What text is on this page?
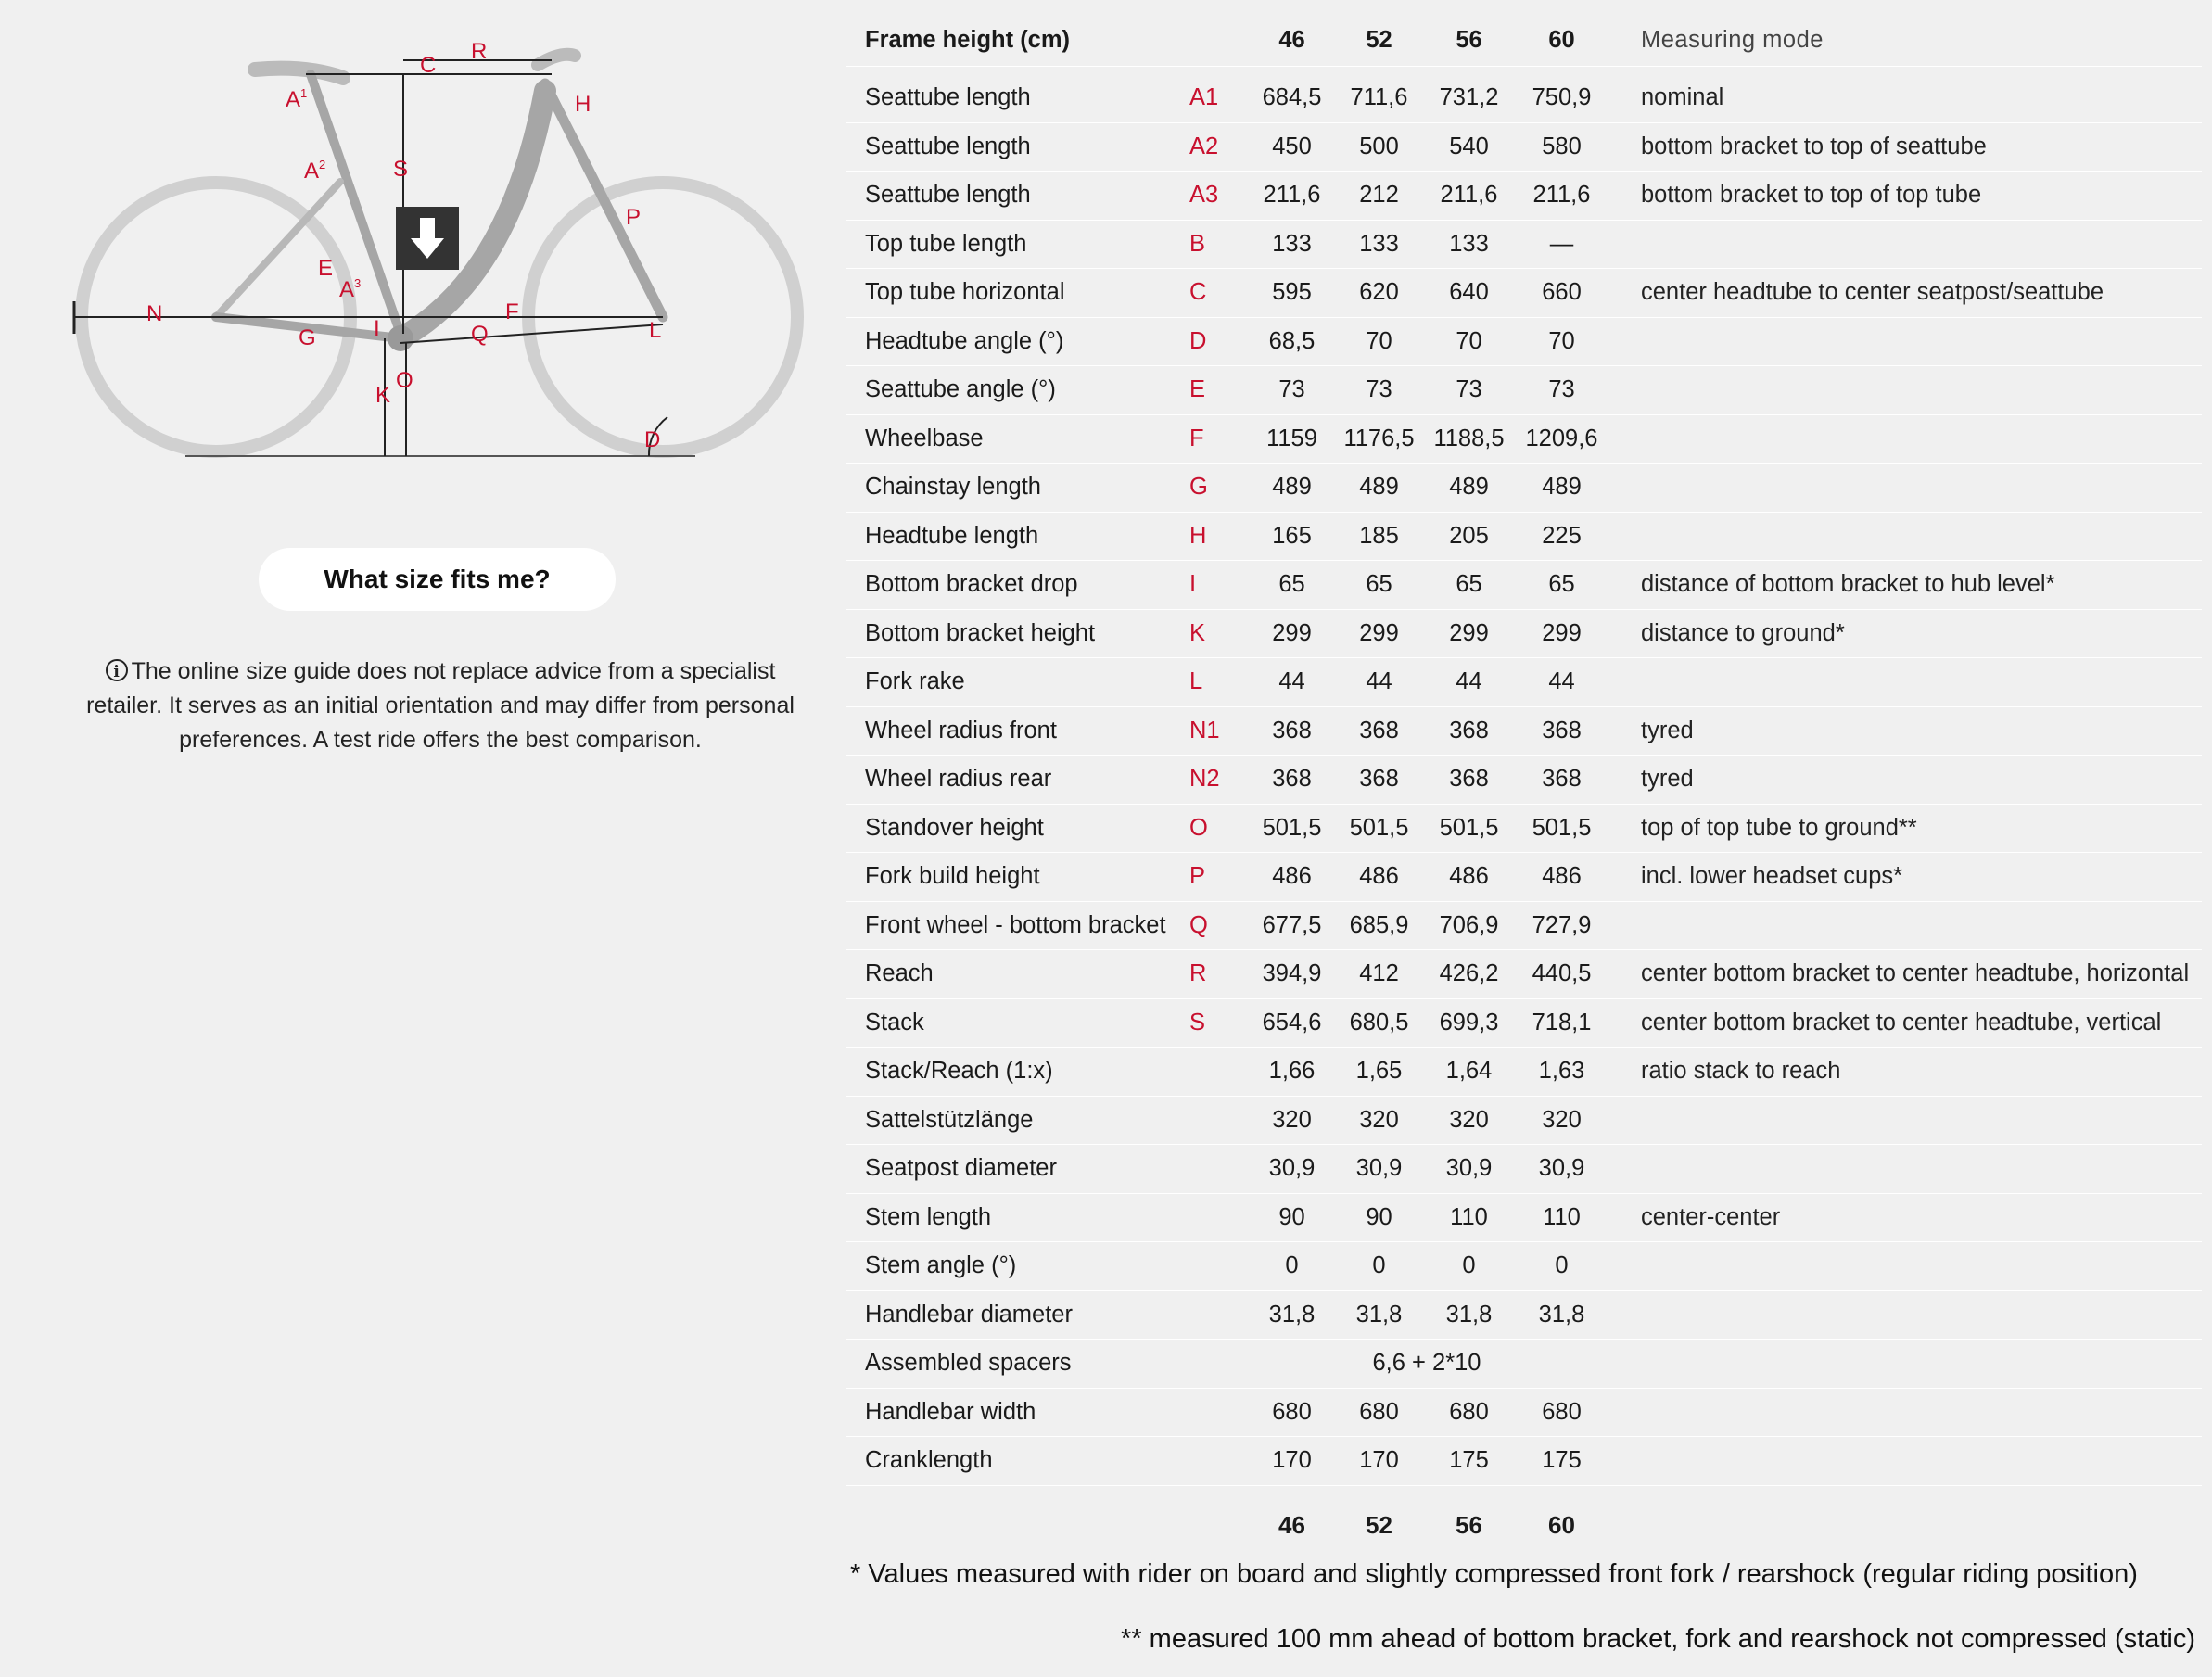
$A^1$
$A^2$
$A^3$
C
R
S
H
P
E
N
G	I
F
Q	L
K
O
D
What size fits me?
i The online size guide does not replace advice from a specialist retailer. It serves as an initial orientation and may differ from personal preferences. A test ride offers the best comparison.
Frame height (cm)	46	52	56	60	Measuring mode
Seattube length	A1	684,5	711,6	731,2	750,9	nominal
Seattube length	A2	450	500	540	580	bottom bracket to top of seattube
Seattube length	A3	211,6	212	211,6	211,6	bottom bracket to top of top tube
Top tube length	B	133	133	133	—
Top tube horizontal	C	595	620	640	660	center headtube to center seatpost/seattube
Headtube angle (°)	D	68,5	70	70	70
Seattube angle (°)	E	73	73	73	73
Wheelbase	F	1159	1176,5 1188,5 1209,6
Chainstay length	G	489	489	489	489
Headtube length	H	165	185	205	225
Bottom bracket drop	I	65	65	65	65	distance of bottom bracket to hub level*
Bottom bracket height	K	299	299	299	299	distance to ground*
Fork rake	L	44	44	44	44
Wheel radius front	N1	368	368	368	368	tyred
Wheel radius rear	N2	368	368	368	368	tyred
Standover height	O	501,5	501,5	501,5	501,5	top of top tube to ground**
Fork build height	P	486	486	486	486	incl. lower headset cups*
Front wheel - bottom bracket Q	677,5	685,9	706,9	727,9
Reach	R	394,9	412	426,2	440,5	center bottom bracket to center headtube, horizontal
Stack	S	654,6	680,5	699,3	718,1	center bottom bracket to center headtube, vertical
Stack/Reach (1:x)	1,66	1,65	1,64	1,63	ratio stack to reach
Sattelstützlänge	320	320	320	320
Seatpost diameter	30,9	30,9	30,9	30,9
Stem length	90	90	110	110	center-center
Stem angle (°)	0	0	0	0
Handlebar diameter	31,8	31,8	31,8	31,8
Assembled spacers	6,6 + 2*10
Handlebar width	680	680	680	680
Cranklength	170	170	175	175
46	52	56	60
* Values measured with rider on board and slightly compressed front fork / rearshock (regular riding position)
** measured 100 mm ahead of bottom bracket, fork and rearshock not compressed (static)
